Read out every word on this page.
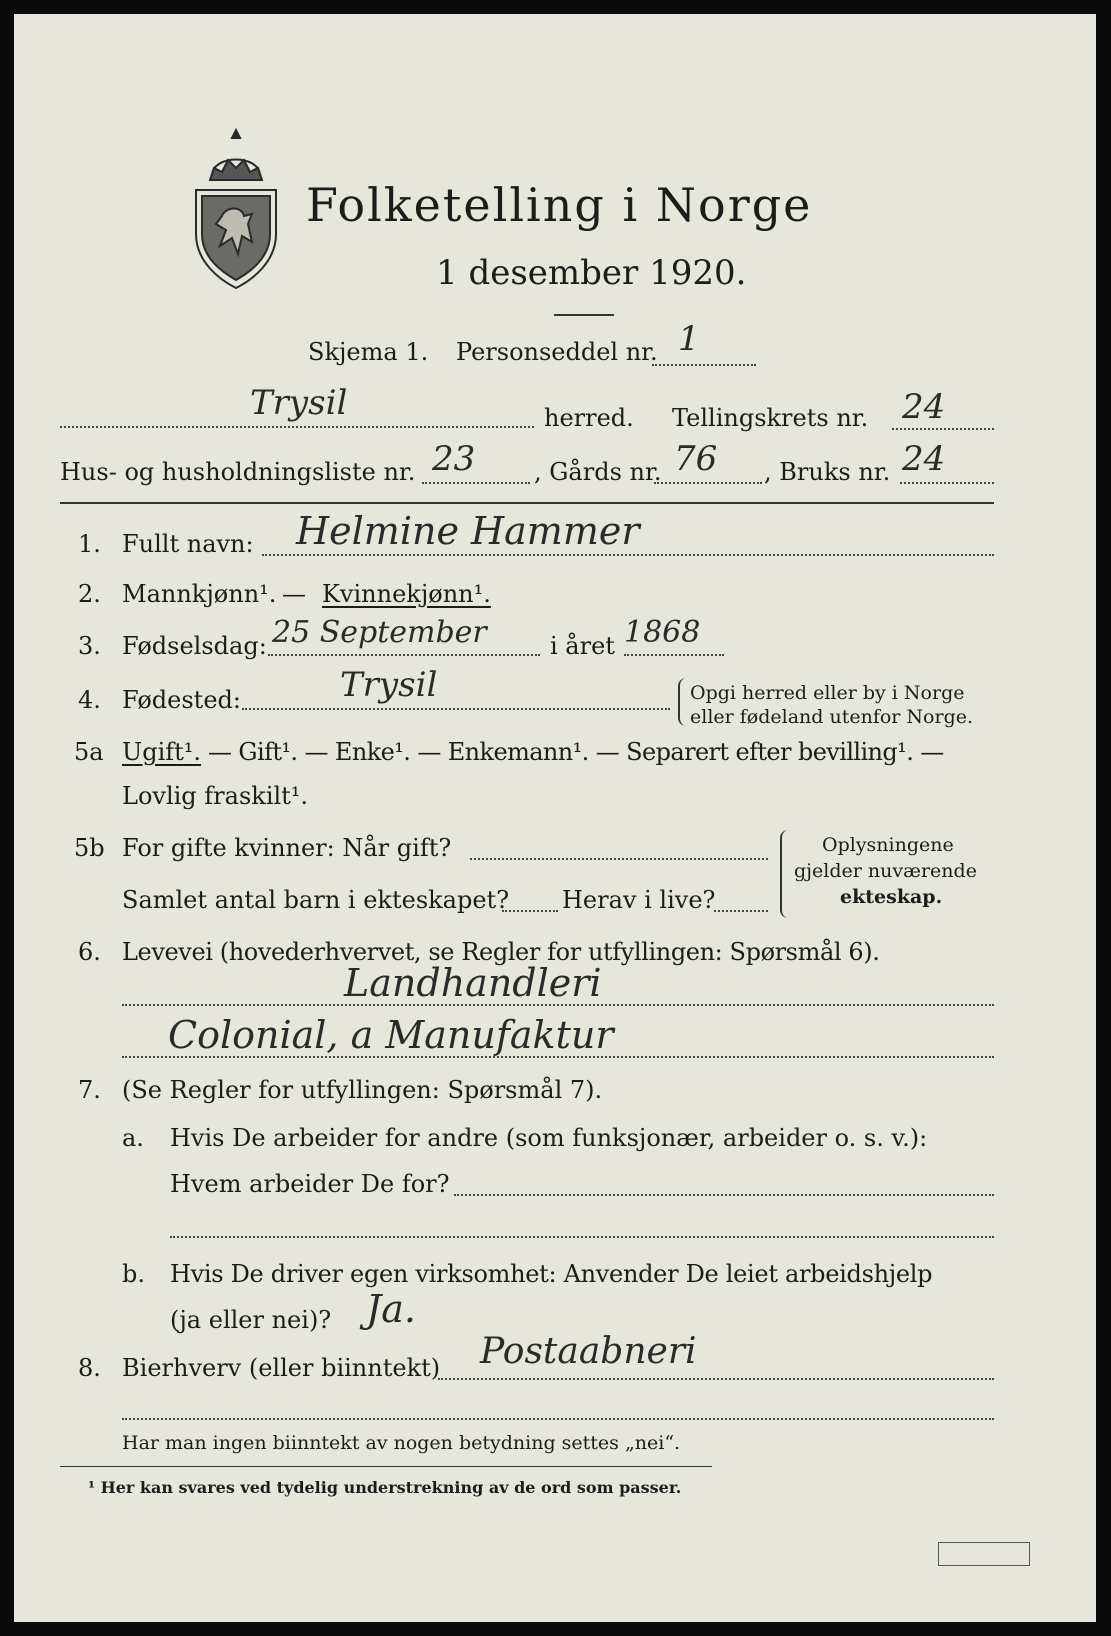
Folketelling i Norge
1 desember 1920.
Skjema 1. Personseddel nr. 1
Trysil	herred. Tellingskrets nr. 24
Hus- og husholdningsliste nr. 23 , Gårds nr. 76 , Bruks nr. 24
1. Fullt navn: Helmine Hammer
2. Mannkjønn¹. — Kvinnekjønn¹.
3. Fødselsdag: 25 September	i året 1868
4. Fødested:	Trysil	Opgi herred eller by i Norge
eller fødeland utenfor Norge.
5a Ugift¹. — Gift¹. — Enke¹. — Enkemann¹. — Separert efter bevilling¹. —
Lovlig fraskilt¹.
5b For gifte kvinner: Når gift?
Samlet antal barn i ekteskapet? Herav i live?
Oplysningene
gjelder nuværende
ekteskap.
6. Levevei (hovederhvervet, se Regler for utfyllingen: Spørsmål 6).
Landhandleri
Colonial, a Manufaktur
7. (Se Regler for utfyllingen: Spørsmål 7).
a. Hvis De arbeider for andre (som funksjonær, arbeider o. s. v.):
Hvem arbeider De for?
b. Hvis De driver egen virksomhet: Anvender De leiet arbeidshjelp
(ja eller nei)? Ja.
8. Bierhverv (eller biinntekt) Postaabneri
Har man ingen biinntekt av nogen betydning settes „nei“.
¹ Her kan svares ved tydelig understrekning av de ord som passer.
